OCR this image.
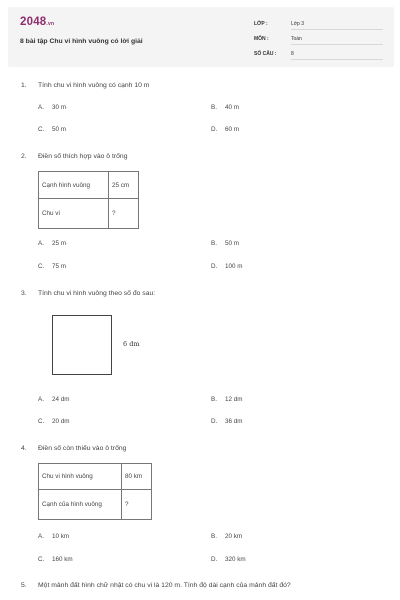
2048.vn
8 bài tập Chu vi hình vuông có lời giải
LỚP :	Lớp 3
MÔN :	Toán
SỐ CÂU :	8
1. Tính chu vi hình vuông có cạnh 10 m
A. 30 m	B. 40 m
C. 50 m	D. 60 m
2. Điền số thích hợp vào ô trống
Cạnh hình vuông	25 cm
Chu vi	?
A. 25 m	B. 50 m
C. 75 m	D. 100 m
3. Tính chu vi hình vuông theo số đo sau:
6 dm
A. 24 dm	B. 12 dm
C. 20 dm	D. 36 dm
4. Điền số còn thiếu vào ô trống
Chu vi hình vuông	80 km
Cạnh của hình vuông	?
A. 10 km	B. 20 km
C. 160 km	D. 320 km
5. Một mảnh đất hình chữ nhật có chu vi là 120 m. Tính độ dài cạnh của mảnh đất đó?
